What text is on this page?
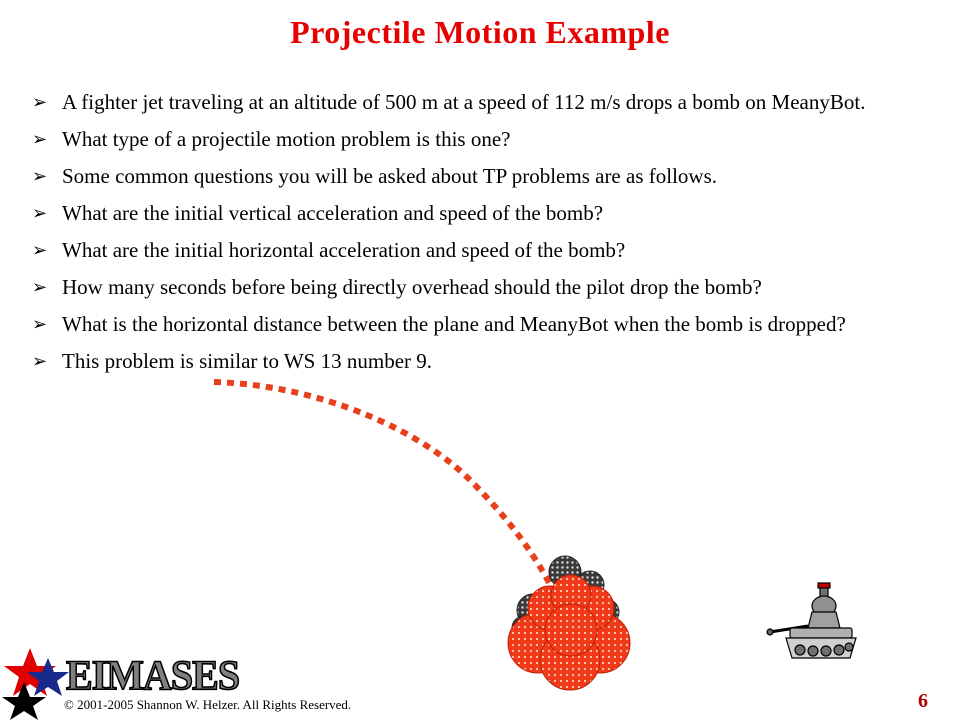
Projectile Motion Example
➢ A fighter jet traveling at an altitude of 500 m at a speed of 112 m/s drops a bomb on MeanyBot.
➢ What type of a projectile motion problem is this one?
➢ Some common questions you will be asked about TP problems are as follows.
➢ What are the initial vertical acceleration and speed of the bomb?
➢ What are the initial horizontal acceleration and speed of the bomb?
➢ How many seconds before being directly overhead should the pilot drop the bomb?
➢ What is the horizontal distance between the plane and MeanyBot when the bomb is dropped?
➢ This problem is similar to WS 13 number 9.
EIMASES
© 2001-2005 Shannon W. Helzer. All Rights Reserved.	6
